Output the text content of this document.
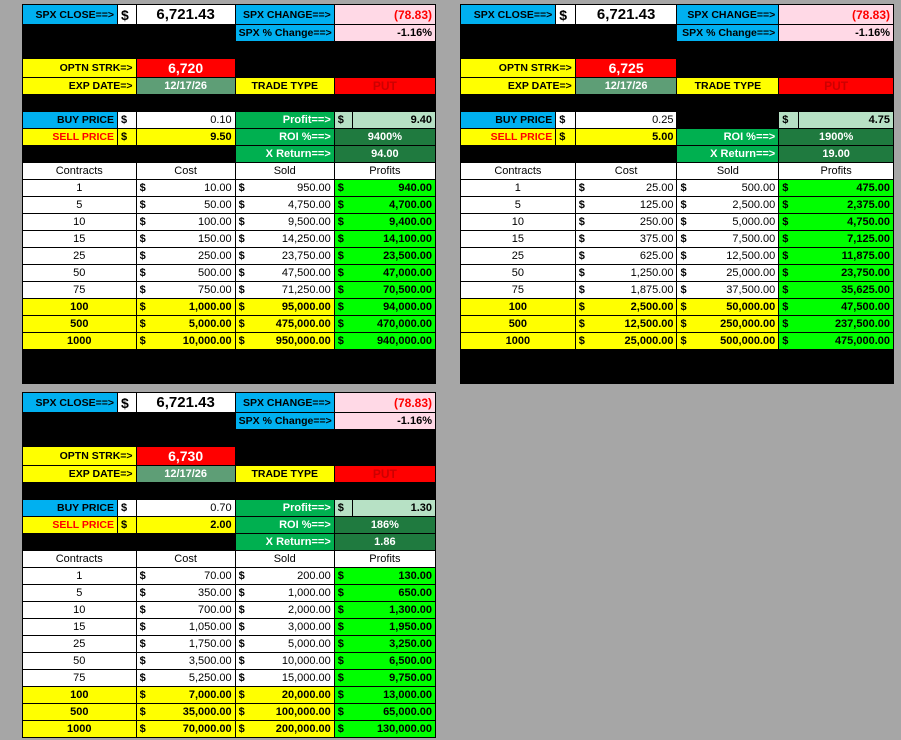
SPX CLOSE==>	$	6,721.43	SPX CHANGE==>	(78.83)	
			SPX % Change==>	-1.16%	

OPTN STRK=>		6,720			
EXP DATE=>		12/17/26	TRADE TYPE	PUT	

BUY PRICE	$	0.10	Profit==>	$	9.40
SELL PRICE	$	9.50	ROI %==>	9400%	
			X Return==>	94.00	
Contracts		Cost	Sold	Profits	
1		$ 10.00	$ 950.00	$ 940.00	
5		$ 50.00	$ 4,750.00	$ 4,700.00	
10		$ 100.00	$ 9,500.00	$ 9,400.00	
15		$ 150.00	$ 14,250.00	$ 14,100.00	
25		$ 250.00	$ 23,750.00	$ 23,500.00	
50		$ 500.00	$ 47,500.00	$ 47,000.00	
75		$ 750.00	$ 71,250.00	$ 70,500.00	
100		$ 1,000.00	$ 95,000.00	$ 94,000.00	
500		$ 5,000.00	$ 475,000.00	$ 470,000.00	
1000		$ 10,000.00	$ 950,000.00	$ 940,000.00	
SPX CLOSE==>	$	6,721.43	SPX CHANGE==>	(78.83)	
			SPX % Change==>	-1.16%	

OPTN STRK=>		6,725			
EXP DATE=>		12/17/26	TRADE TYPE	PUT	

BUY PRICE	$	0.25		$	4.75
SELL PRICE	$	5.00	ROI %==>	1900%	
			X Return==>	19.00	
Contracts		Cost	Sold	Profits	
1		$ 25.00	$ 500.00	$ 475.00	
5		$ 125.00	$ 2,500.00	$ 2,375.00	
10		$ 250.00	$ 5,000.00	$ 4,750.00	
15		$ 375.00	$ 7,500.00	$ 7,125.00	
25		$ 625.00	$ 12,500.00	$ 11,875.00	
50		$ 1,250.00	$ 25,000.00	$ 23,750.00	
75		$ 1,875.00	$ 37,500.00	$ 35,625.00	
100		$ 2,500.00	$ 50,000.00	$ 47,500.00	
500		$ 12,500.00	$ 250,000.00	$ 237,500.00	
1000		$ 25,000.00	$ 500,000.00	$ 475,000.00	
SPX CLOSE==>	$	6,721.43	SPX CHANGE==>	(78.83)	
			SPX % Change==>	-1.16%	

OPTN STRK=>		6,730			
EXP DATE=>		12/17/26	TRADE TYPE	PUT	

BUY PRICE	$	0.70	Profit==>	$	1.30
SELL PRICE	$	2.00	ROI %==>	186%	
			X Return==>	1.86	
Contracts		Cost	Sold	Profits	
1		$ 70.00	$ 200.00	$ 130.00	
5		$ 350.00	$ 1,000.00	$ 650.00	
10		$ 700.00	$ 2,000.00	$ 1,300.00	
15		$ 1,050.00	$ 3,000.00	$ 1,950.00	
25		$ 1,750.00	$ 5,000.00	$ 3,250.00	
50		$ 3,500.00	$ 10,000.00	$ 6,500.00	
75		$ 5,250.00	$ 15,000.00	$ 9,750.00	
100		$ 7,000.00	$ 20,000.00	$ 13,000.00	
500		$ 35,000.00	$ 100,000.00	$ 65,000.00	
1000		$ 70,000.00	$ 200,000.00	$ 130,000.00	
